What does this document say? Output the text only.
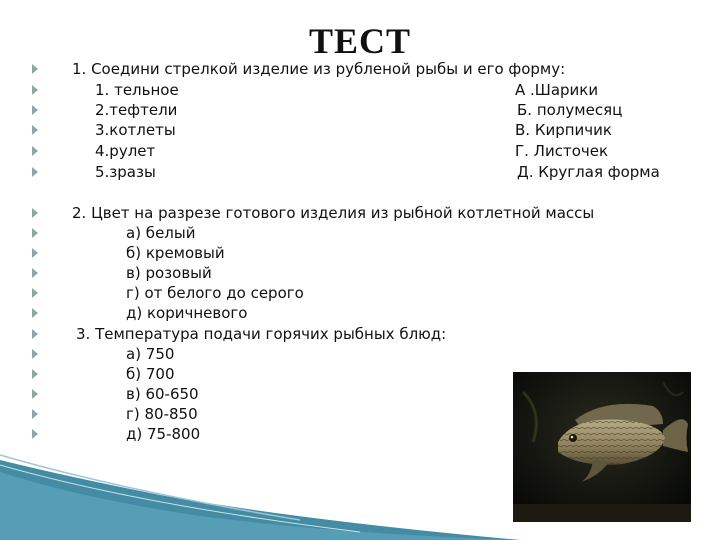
ТЕСТ
1. Соедини стрелкой изделие из рубленой рыбы и его форму:
1. тельное	А .Шарики
2.тефтели	Б. полумесяц
3.котлеты	В. Кирпичик
4.рулет	Г. Листочек
5.зразы	Д. Круглая форма
2. Цвет на разрезе готового изделия из рыбной котлетной массы
а) белый
б) кремовый
в) розовый
г) от белого до серого
д) коричневого
3. Температура подачи горячих рыбных блюд:
а) 750
б) 700
в) 60-650
г) 80-850
д) 75-800
